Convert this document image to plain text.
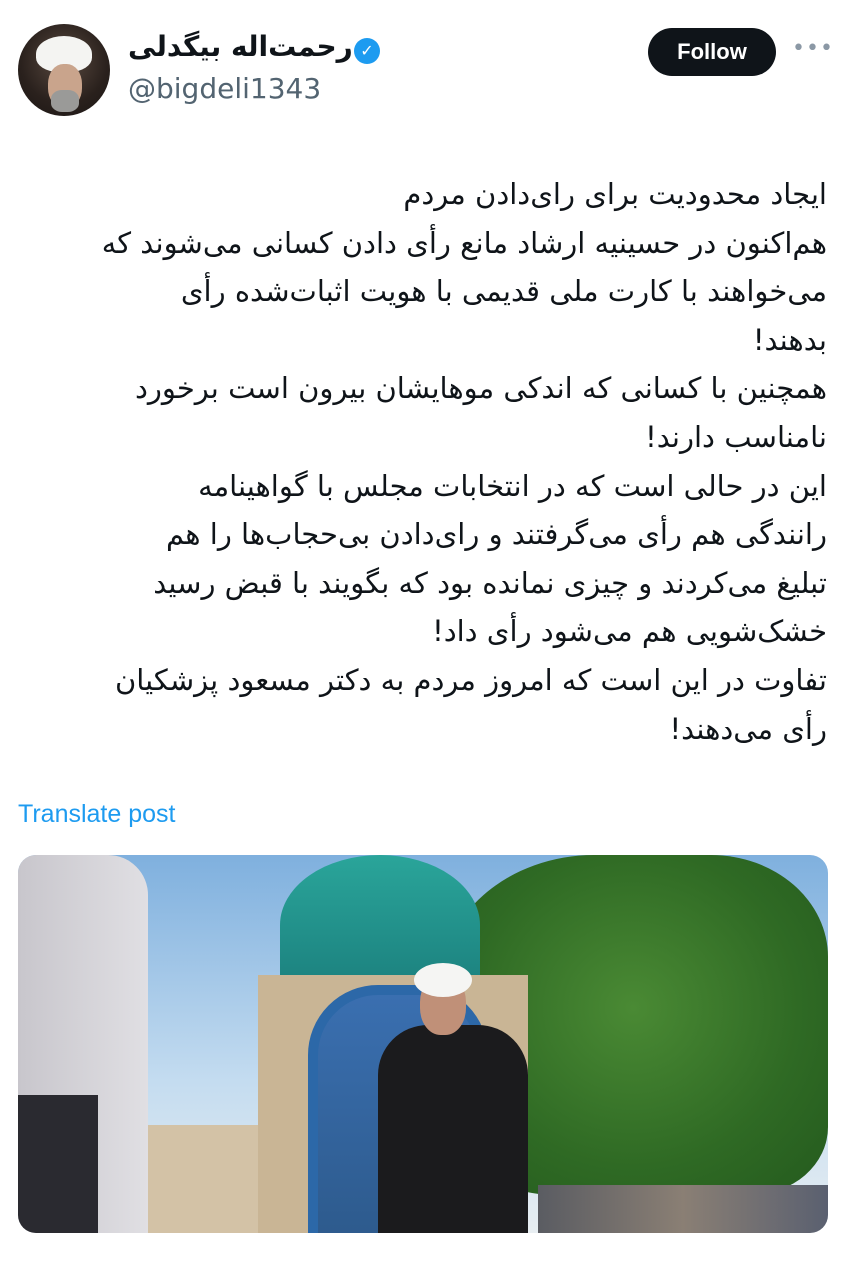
رحمت‌اله بیگدلی ✓
@bigdeli1343
Follow	•••
ایجاد محدودیت برای رای‌دادن مردم
هم‌اکنون در حسینیه ارشاد مانع رأی دادن کسانی می‌شوند که
می‌خواهند با کارت ملی قدیمی با هویت اثبات‌شده رأی
بدهند!
همچنین با کسانی که اندکی موهایشان بیرون است برخورد
نامناسب دارند!
این در حالی است که در انتخابات مجلس با گواهینامه
رانندگی هم رأی می‌گرفتند و رای‌دادن بی‌حجاب‌ها را هم
تبلیغ می‌کردند و چیزی نمانده بود که بگویند با قبض رسید
خشک‌شویی هم می‌شود رأی داد!
تفاوت در این است که امروز مردم به دکتر مسعود پزشکیان
رأی می‌دهند!
Translate post
